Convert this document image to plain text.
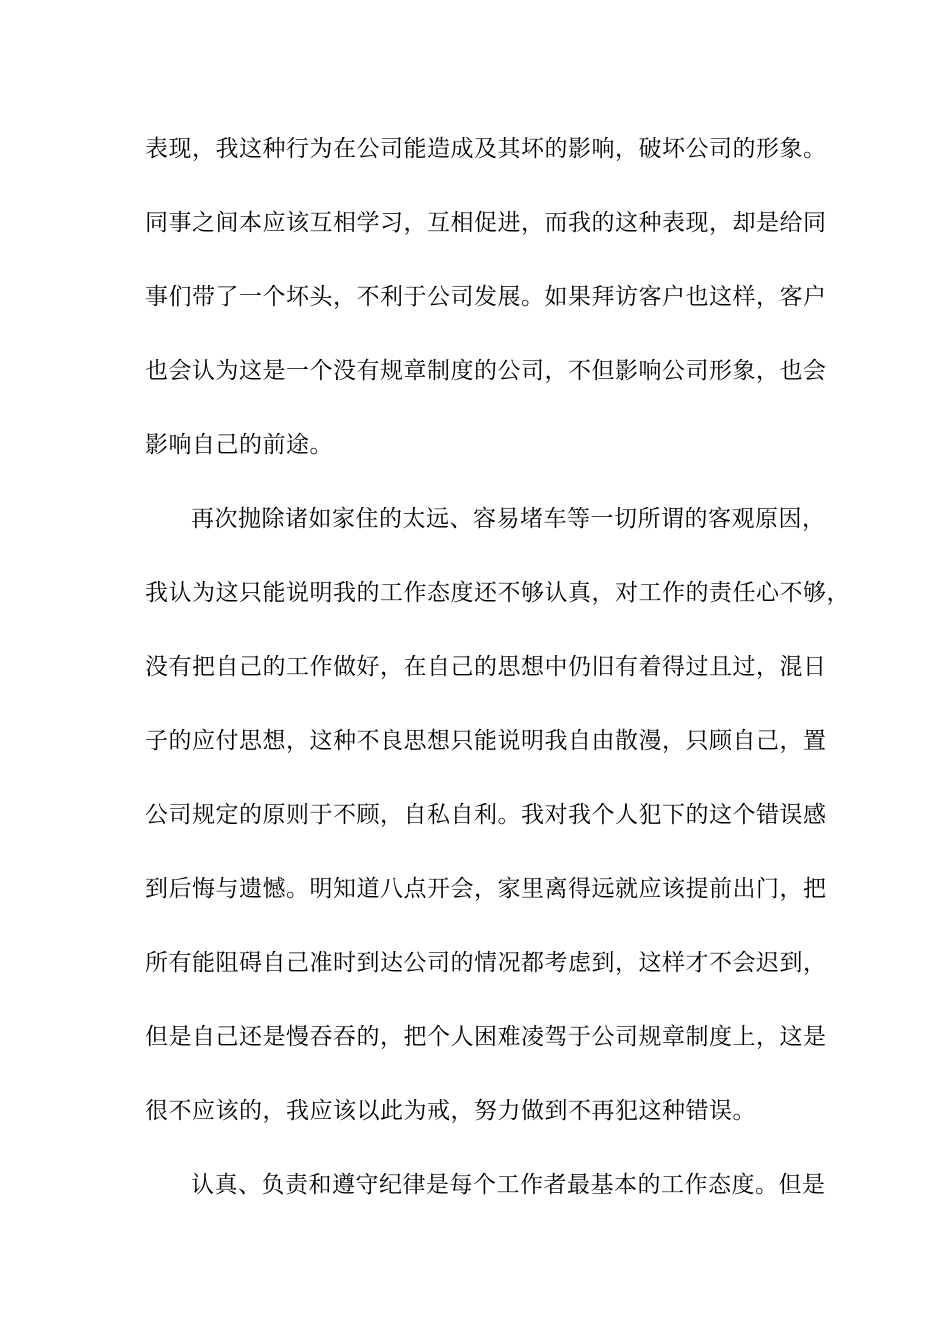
表现，我这种行为在公司能造成及其坏的影响，破坏公司的形象。

同事之间本应该互相学习，互相促进，而我的这种表现，却是给同

事们带了一个坏头，不利于公司发展。如果拜访客户也这样，客户

也会认为这是一个没有规章制度的公司，不但影响公司形象，也会

影响自己的前途。

再次抛除诸如家住的太远、容易堵车等一切所谓的客观原因，

我认为这只能说明我的工作态度还不够认真，对工作的责任心不够，

没有把自己的工作做好，在自己的思想中仍旧有着得过且过，混日

子的应付思想，这种不良思想只能说明我自由散漫，只顾自己，置

公司规定的原则于不顾，自私自利。我对我个人犯下的这个错误感

到后悔与遗憾。明知道八点开会，家里离得远就应该提前出门，把

所有能阻碍自己准时到达公司的情况都考虑到，这样才不会迟到，

但是自己还是慢吞吞的，把个人困难凌驾于公司规章制度上，这是

很不应该的，我应该以此为戒，努力做到不再犯这种错误。

认真、负责和遵守纪律是每个工作者最基本的工作态度。但是
